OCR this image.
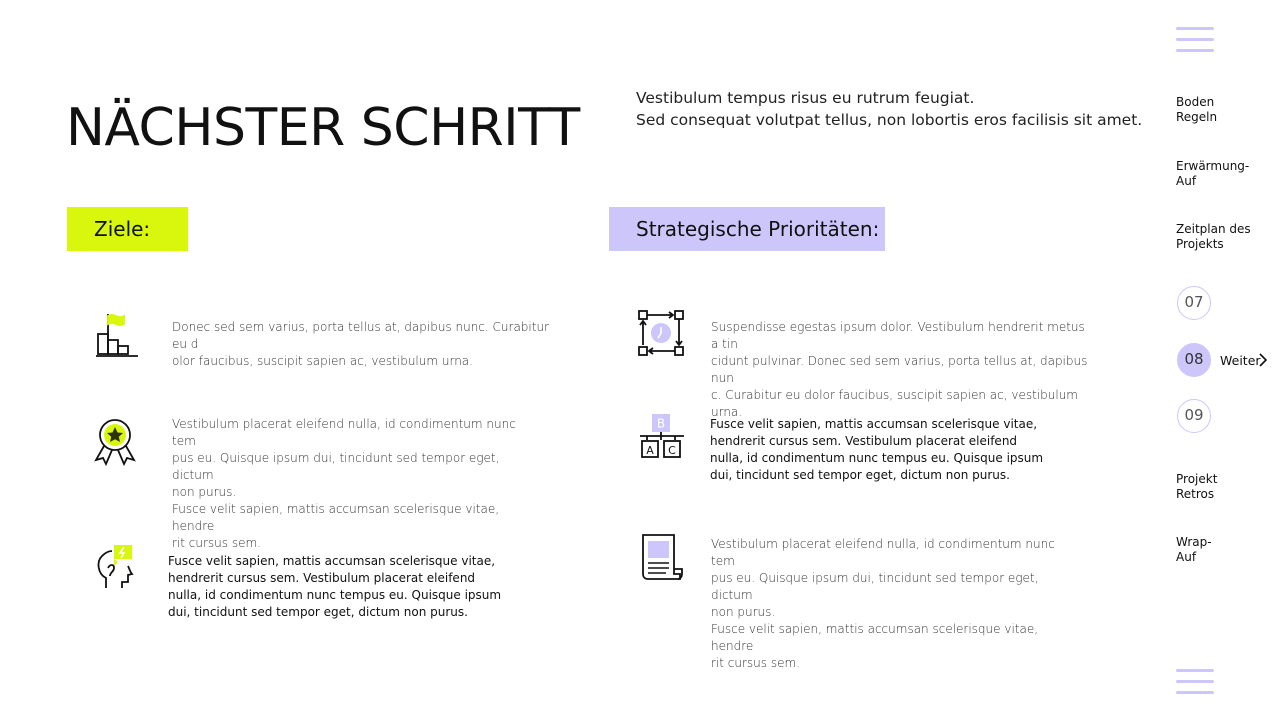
NÄCHSTER SCHRITT	Vestibulum tempus risus eu rutrum feugiat.
Sed consequat volutpat tellus, non lobortis eros facilisis sit amet.
Ziele:	Strategische Prioritäten:
Donec sed sem varius, porta tellus at, dapibus nunc. Curabitur eu d
olor faucibus, suscipit sapien ac, vestibulum urna.
Vestibulum placerat eleifend nulla, id condimentum nunc tem
pus eu. Quisque ipsum dui, tincidunt sed tempor eget, dictum
non purus.
Fusce velit sapien, mattis accumsan scelerisque vitae, hendre
rit cursus sem.
Fusce velit sapien, mattis accumsan scelerisque vitae,
hendrerit cursus sem. Vestibulum placerat eleifend
nulla, id condimentum nunc tempus eu. Quisque ipsum
dui, tincidunt sed tempor eget, dictum non purus.
Suspendisse egestas ipsum dolor. Vestibulum hendrerit metus a tin
cidunt pulvinar. Donec sed sem varius, porta tellus at, dapibus nun
c. Curabitur eu dolor faucibus, suscipit sapien ac, vestibulum urna.
B
A C
Fusce velit sapien, mattis accumsan scelerisque vitae,
hendrerit cursus sem. Vestibulum placerat eleifend
nulla, id condimentum nunc tempus eu. Quisque ipsum
dui, tincidunt sed tempor eget, dictum non purus.
Vestibulum placerat eleifend nulla, id condimentum nunc tem
pus eu. Quisque ipsum dui, tincidunt sed tempor eget, dictum
non purus.
Fusce velit sapien, mattis accumsan scelerisque vitae, hendre
rit cursus sem.
Boden
Regeln
Erwärmung-
Auf
Zeitplan des
Projekts
07
08	Weiter
09
Projekt
Retros
Wrap-
Auf
